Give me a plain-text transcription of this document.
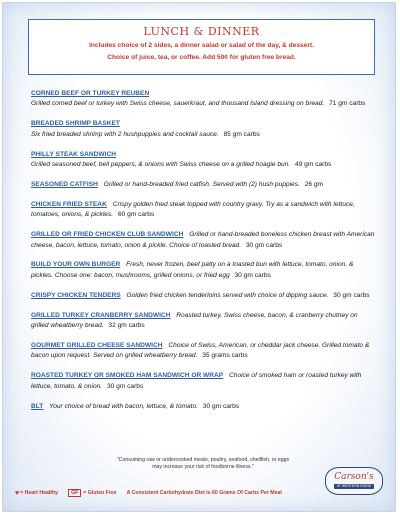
LUNCH & DINNER
Includes choice of 2 sides, a dinner salad or salad of the day, & dessert.
Choice of juice, tea, or coffee. Add 50¢ for gluten free bread.
CORNED BEEF OR TURKEY REUBEN
Grilled corned beef or turkey with Swiss cheese, sauerkraut, and thousand Island dressing on bread. 71 gm carbs
BREADED SHRIMP BASKET
Six fried breaded shrimp with 2 hushpuppies and cocktail sauce. 85 gm carbs
PHILLY STEAK SANDWICH
Grilled seasoned beef, bell peppers, & onions with Swiss cheese on a grilled hoagie bun. 49 gm carbs
SEASONED CATFISH Grilled or hand-breaded fried catfish. Served with (2) hush puppies. 26 gm
CHICKEN FRIED STEAK Crispy golden fried steak topped with country gravy. Try as a sandwich with lettuce, tomatoes, onions, & pickles. 60 gm carbs
GRILLED OR FRIED CHICKEN CLUB SANDWICH Grilled or hand-breaded boneless chicken breast with American cheese, bacon, lettuce, tomato, onion & pickle. Choice of toasted bread. 30 gm carbs
BUILD YOUR OWN BURGER Fresh, never frozen, beef patty on a toasted bun with lettuce, tomato, onion, & pickles. Choose one: bacon, mushrooms, grilled onions, or fried egg 30 gm carbs
CRISPY CHICKEN TENDERS Golden fried chicken tenderloins served with choice of dipping sauce. 30 gm carbs
GRILLED TURKEY CRANBERRY SANDWICH Roasted turkey, Swiss cheese, bacon, & cranberry chutney on grilled wheatberry bread. 32 gm carbs
GOURMET GRILLED CHEESE SANDWICH Choice of Swiss, American, or cheddar jack cheese. Grilled tomato & bacon upon request. Served on grilled wheatberry bread. 35 grams carbs
ROASTED TURKEY OR SMOKED HAM SANDWICH OR WRAP Choice of smoked ham or roasted turkey with lettuce, tomato, & onion. 30 gm carbs
BLT Your choice of bread with bacon, lettuce, & tomato. 30 gm carbs
"Consuming raw or undercooked meats, poultry, seafood, shellfish, or eggs
may increase your risk of foodborne illness."
♥ = Heart Healthy	GF = Gluten Free A Consistent Carbohydrate Diet is 60 Grams Of Carbs Per Meal
Carson's
AT WESTERN RIDGE
